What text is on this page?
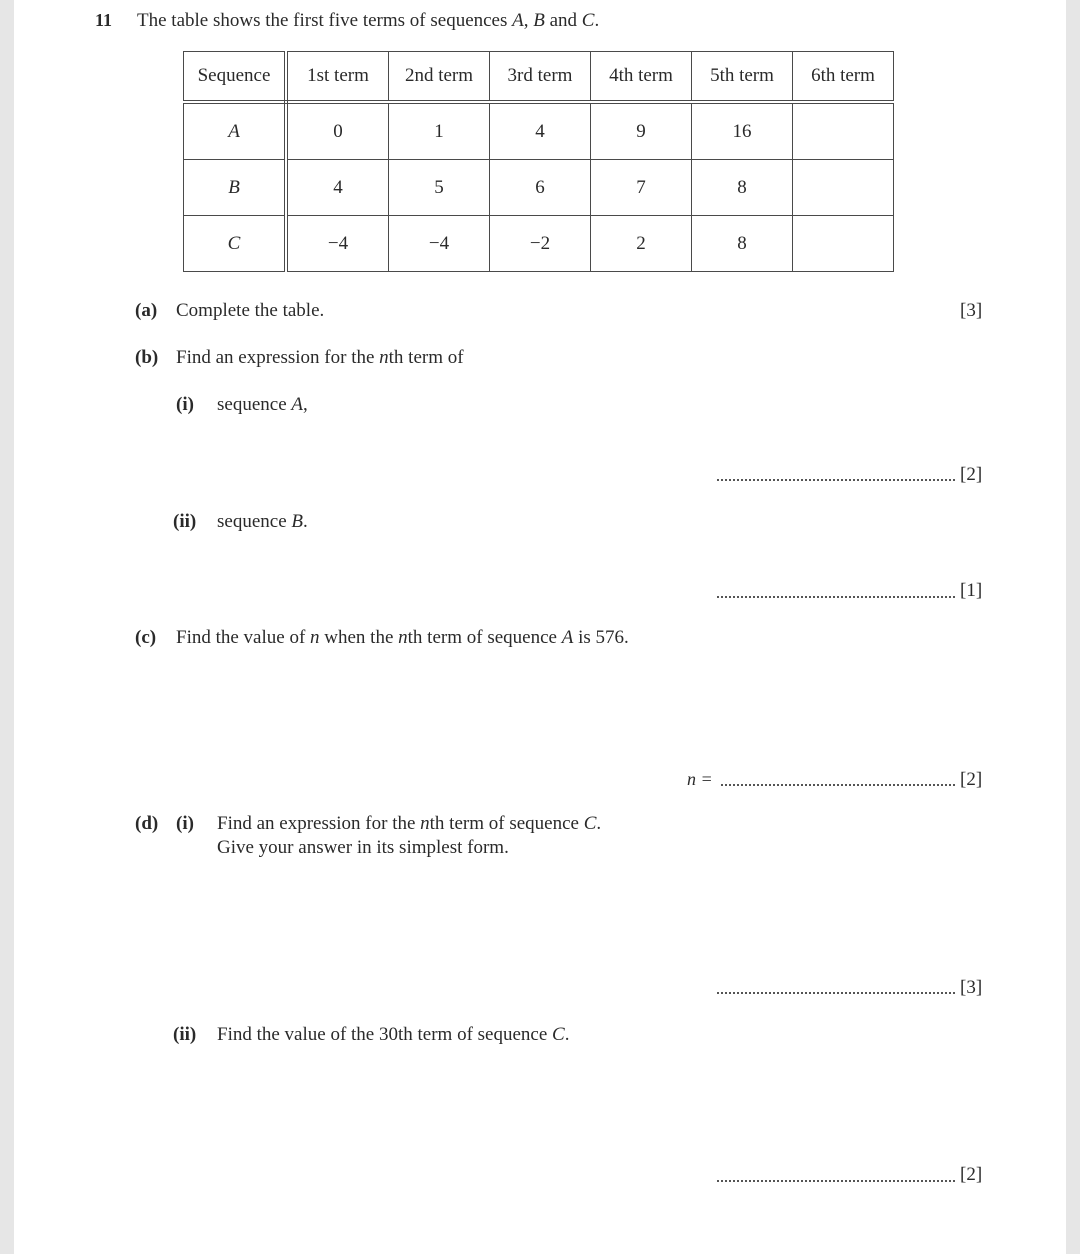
11 The table shows the first five terms of sequences A, B and C.
Sequence	1st term	2nd term	3rd term	4th term	5th term	6th term
A	0	1	4	9	16	
B	4	5	6	7	8	
C	−4	−4	−2	2	8	
(a) Complete the table.	[3]
(b) Find an expression for the nth term of
(i) sequence A,
[2]
(ii) sequence B.
[1]
(c) Find the value of n when the nth term of sequence A is 576.
n =	[2]
(d) (i) Find an expression for the nth term of sequence C.
Give your answer in its simplest form.
[3]
(ii) Find the value of the 30th term of sequence C.
[2]
